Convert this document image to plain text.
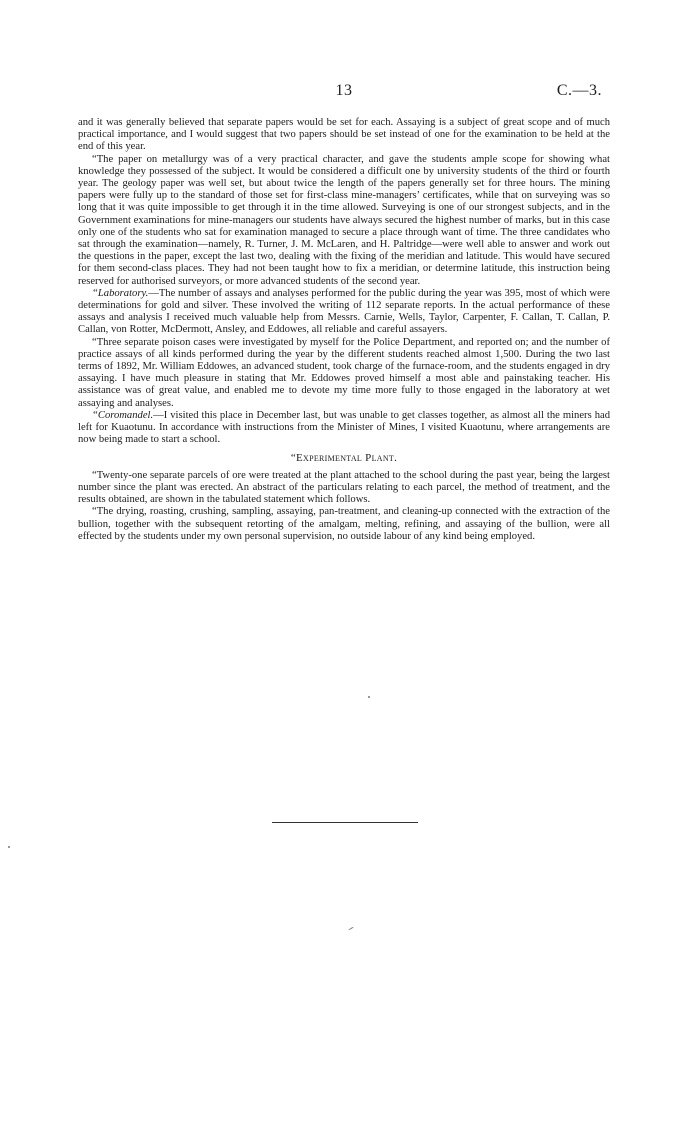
13	C.—3.

and it was generally believed that separate papers would be set for each. Assaying is a subject of great scope and of much practical importance, and I would suggest that two papers should be set instead of one for the examination to be held at the end of this year.

“The paper on metallurgy was of a very practical character, and gave the students ample scope for showing what knowledge they possessed of the subject. It would be considered a difficult one by university students of the third or fourth year. The geology paper was well set, but about twice the length of the papers generally set for three hours. The mining papers were fully up to the standard of those set for first-class mine-managers’ certificates, while that on surveying was so long that it was quite impossible to get through it in the time allowed. Surveying is one of our strongest subjects, and in the Government examinations for mine-managers our students have always secured the highest number of marks, but in this case only one of the students who sat for examination managed to secure a place through want of time. The three candidates who sat through the examination—namely, R. Turner, J. M. McLaren, and H. Paltridge—were well able to answer and work out the questions in the paper, except the last two, dealing with the fixing of the meridian and latitude. This would have secured for them second-class places. They had not been taught how to fix a meridian, or determine latitude, this instruction being reserved for authorised surveyors, or more advanced students of the second year.

“Laboratory.—The number of assays and analyses performed for the public during the year was 395, most of which were determinations for gold and silver. These involved the writing of 112 separate reports. In the actual performance of these assays and analysis I received much valuable help from Messrs. Carnie, Wells, Taylor, Carpenter, F. Callan, T. Callan, P. Callan, von Rotter, McDermott, Ansley, and Eddowes, all reliable and careful assayers.

“Three separate poison cases were investigated by myself for the Police Department, and reported on; and the number of practice assays of all kinds performed during the year by the different students reached almost 1,500. During the two last terms of 1892, Mr. William Eddowes, an advanced student, took charge of the furnace-room, and the students engaged in dry assaying. I have much pleasure in stating that Mr. Eddowes proved himself a most able and painstaking teacher. His assistance was of great value, and enabled me to devote my time more fully to those engaged in the laboratory at wet assaying and analyses.

“Coromandel.—I visited this place in December last, but was unable to get classes together, as almost all the miners had left for Kuaotunu. In accordance with instructions from the Minister of Mines, I visited Kuaotunu, where arrangements are now being made to start a school.

“Experimental Plant.

“Twenty-one separate parcels of ore were treated at the plant attached to the school during the past year, being the largest number since the plant was erected. An abstract of the particulars relating to each parcel, the method of treatment, and the results obtained, are shown in the tabulated statement which follows.

“The drying, roasting, crushing, sampling, assaying, pan-treatment, and cleaning-up connected with the extraction of the bullion, together with the subsequent retorting of the amalgam, melting, refining, and assaying of the bullion, were all effected by the students under my own personal supervision, no outside labour of any kind being employed.
